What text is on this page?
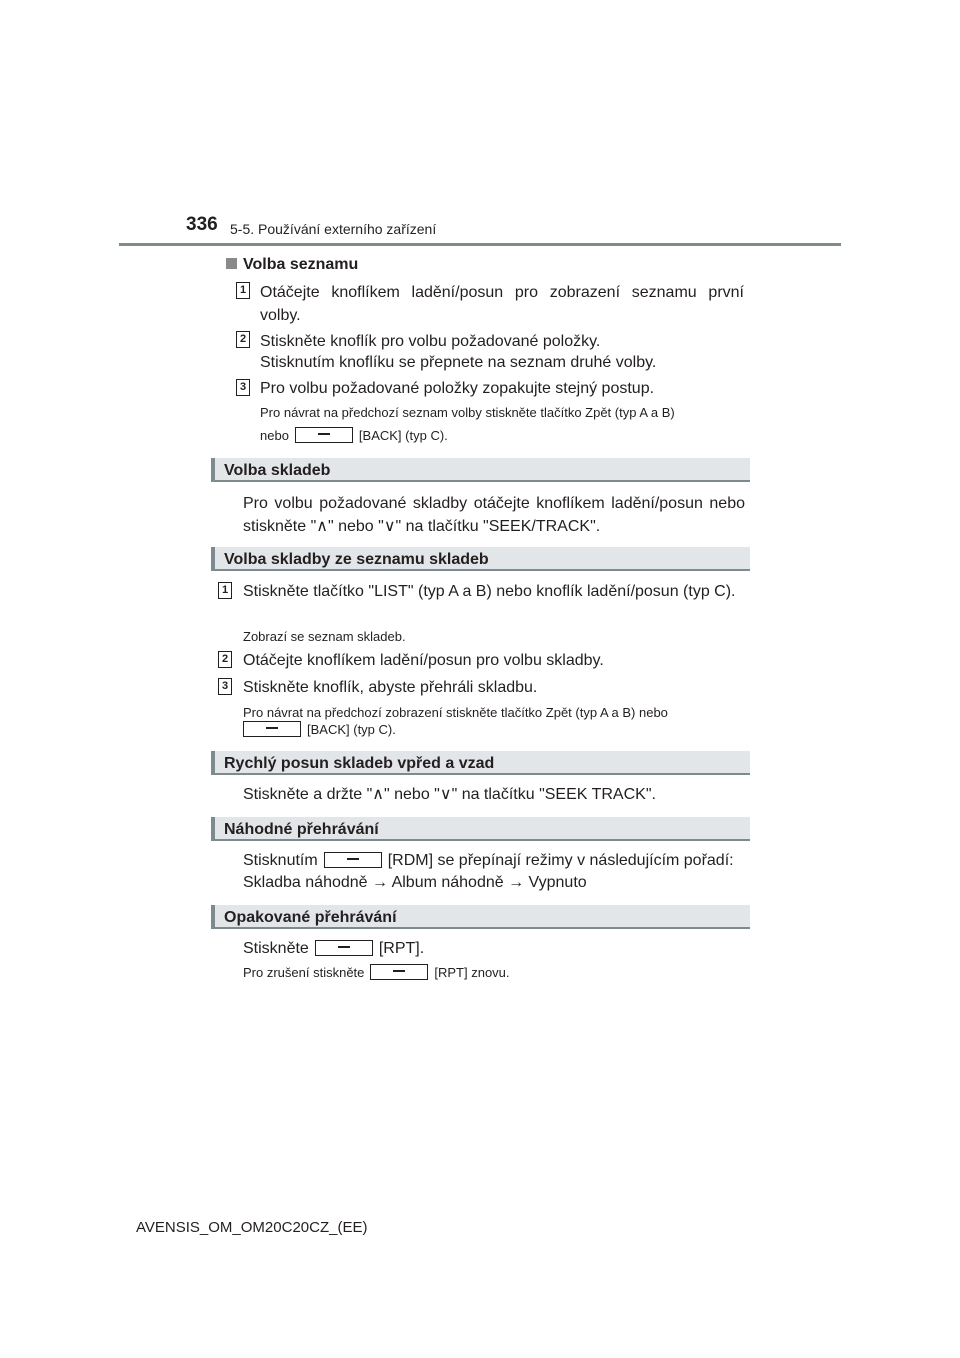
336 5-5. Používání externího zařízení
Volba seznamu
1 Otáčejte knoflíkem ladění/posun pro zobrazení seznamu první volby.
2 Stiskněte knoflík pro volbu požadované položky.
Stisknutím knoflíku se přepnete na seznam druhé volby.
3 Pro volbu požadované položky zopakujte stejný postup.
Pro návrat na předchozí seznam volby stiskněte tlačítko Zpět (typ A a B)
nebo	[BACK] (typ C).
Volba skladeb
Pro volbu požadované skladby otáčejte knoflíkem ladění/posun nebo stiskněte "∧" nebo "∨" na tlačítku "SEEK/TRACK".
Volba skladby ze seznamu skladeb
1 Stiskněte tlačítko "LIST" (typ A a B) nebo knoflík ladění/posun (typ C).
Zobrazí se seznam skladeb.
2 Otáčejte knoflíkem ladění/posun pro volbu skladby.
3 Stiskněte knoflík, abyste přehráli skladbu.
Pro návrat na předchozí zobrazení stiskněte tlačítko Zpět (typ A a B) nebo
[BACK] (typ C).
Rychlý posun skladeb vpřed a vzad
Stiskněte a držte "∧" nebo "∨" na tlačítku "SEEK TRACK".
Náhodné přehrávání
Stisknutím	[RDM] se přepínají režimy v následujícím pořadí:
Skladba náhodně → Album náhodně → Vypnuto
Opakované přehrávání
Stiskněte	[RPT].
Pro zrušení stiskněte	[RPT] znovu.
AVENSIS_OM_OM20C20CZ_(EE)
